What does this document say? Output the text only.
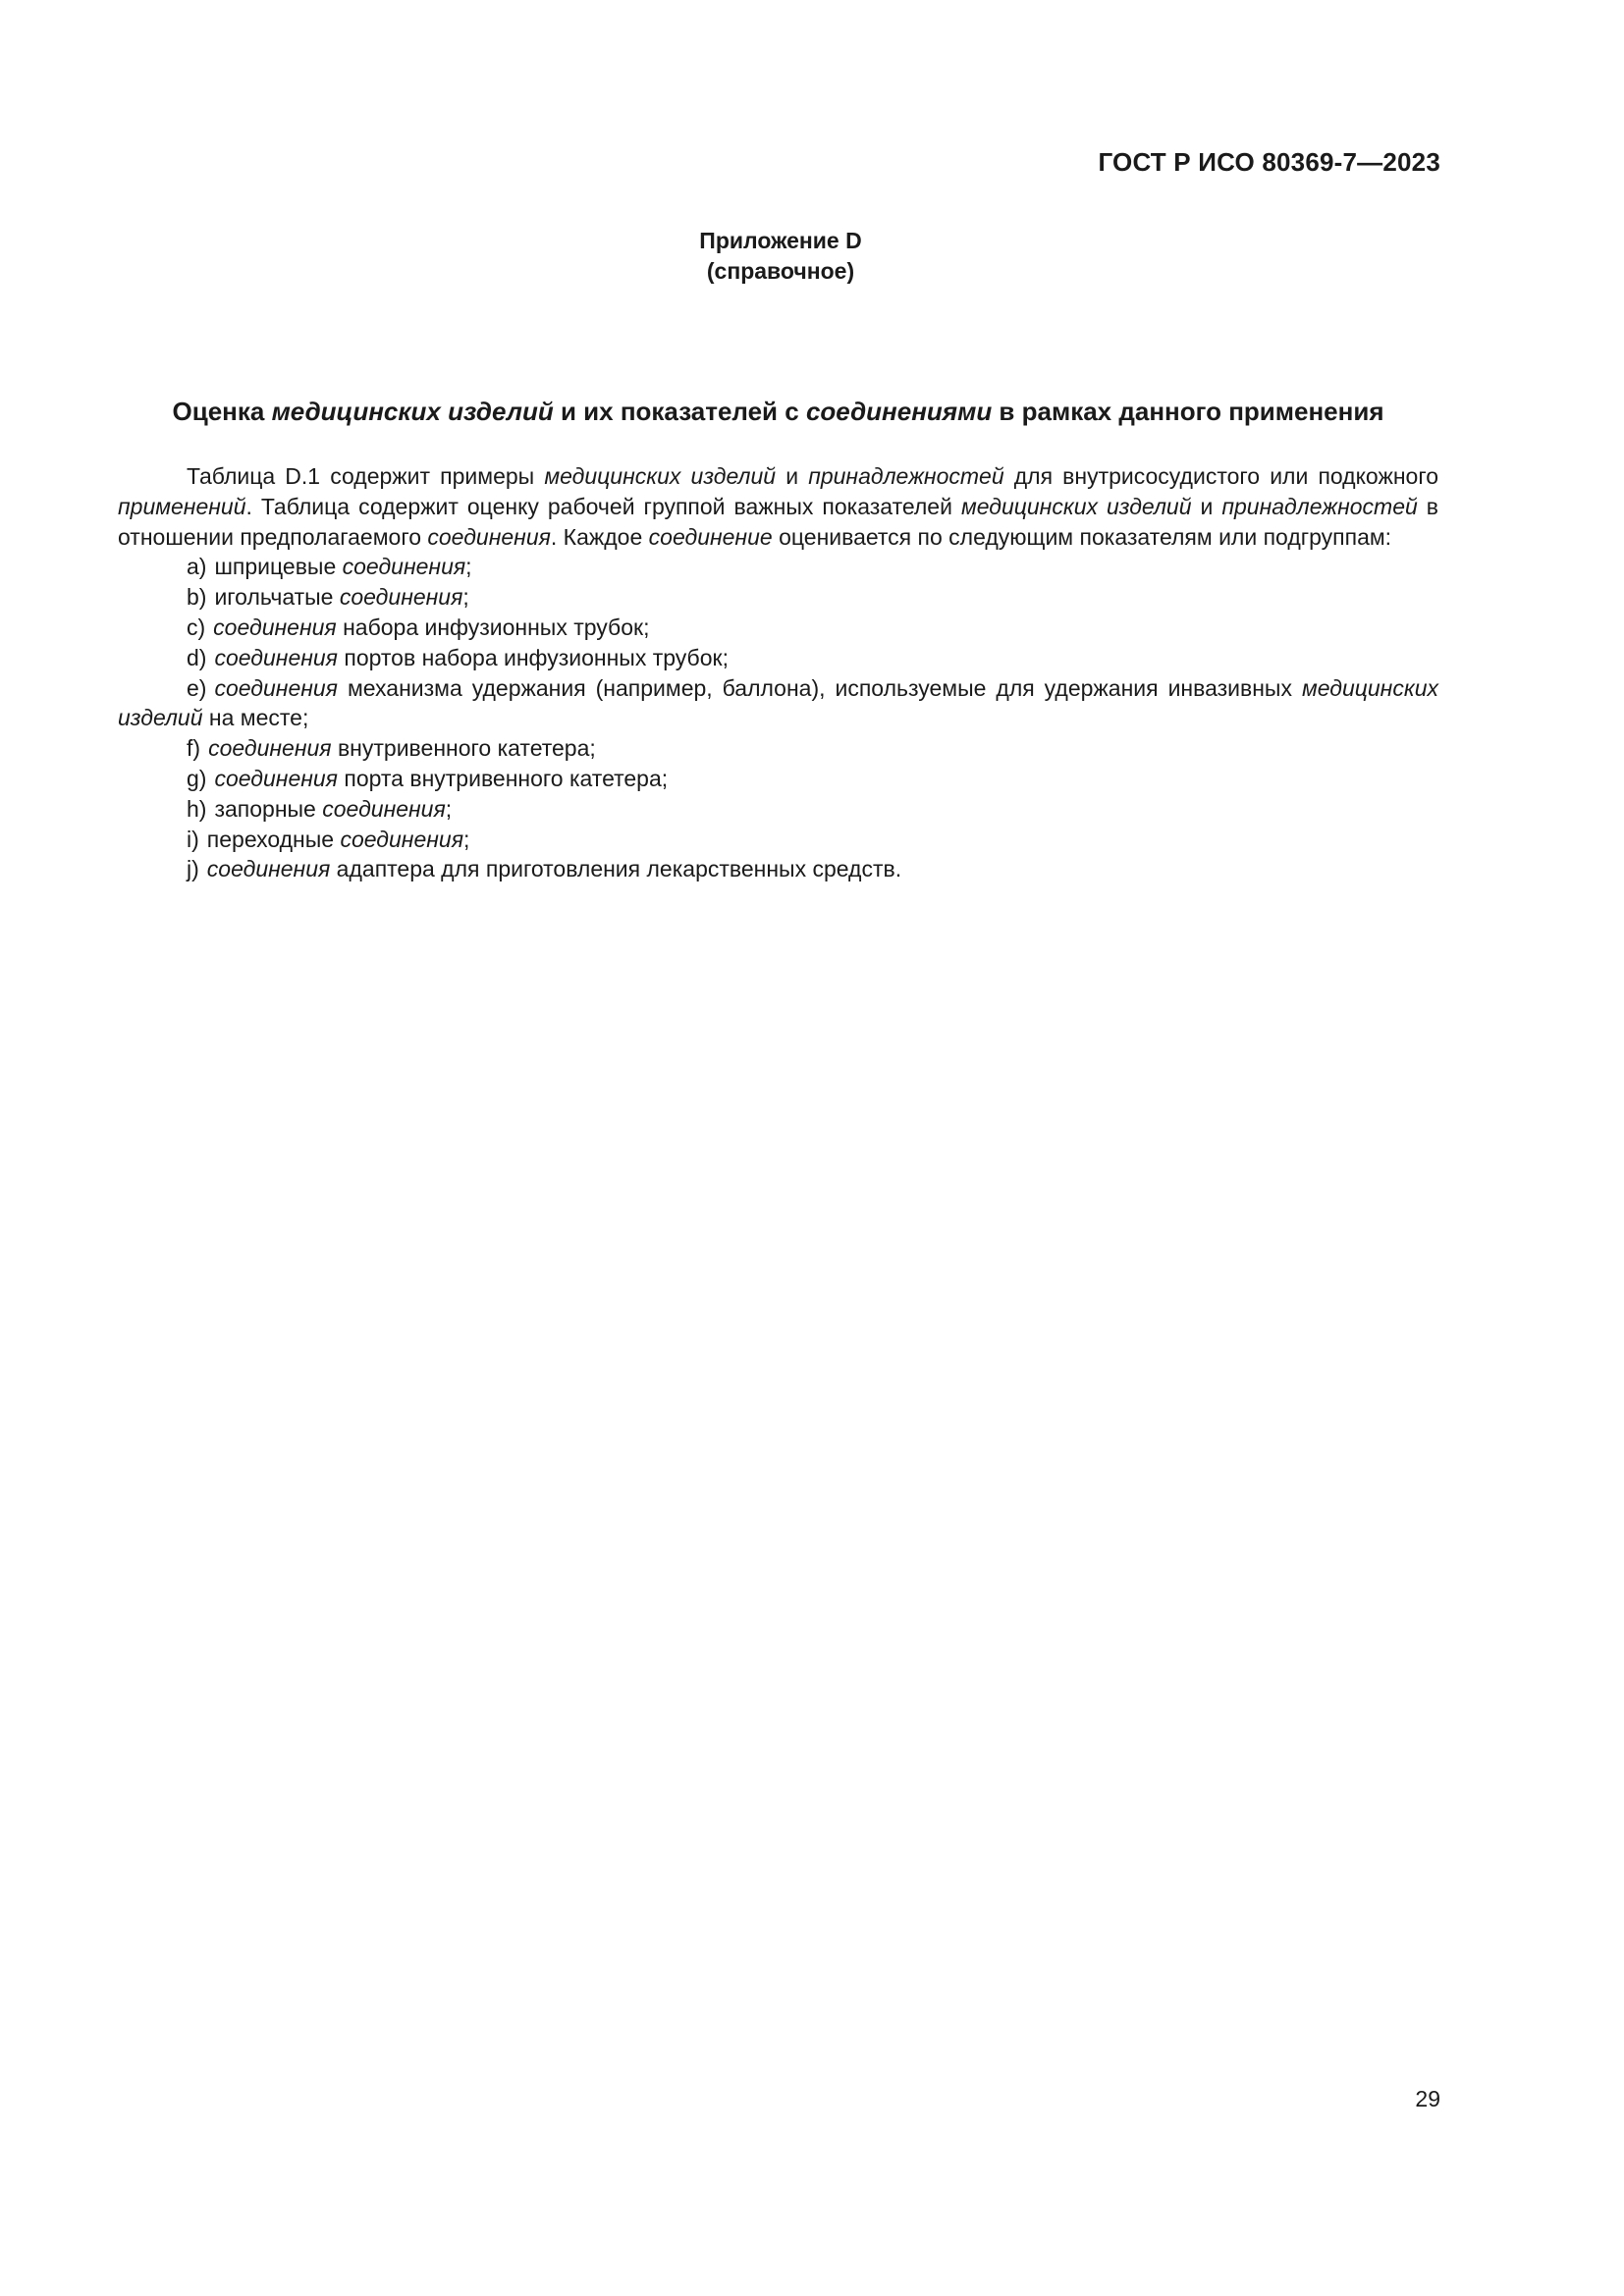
ГОСТ Р ИСО 80369-7—2023
Приложение D
(справочное)
Оценка медицинских изделий и их показателей с соединениями в рамках данного применения

Таблица D.1 содержит примеры медицинских изделий и принадлежностей для внутрисосудистого или подкожного применений. Таблица содержит оценку рабочей группой важных показателей медицинских изделий и принадлежностей в отношении предполагаемого соединения. Каждое соединение оценивается по следующим показателям или подгруппам:

a) шприцевые соединения;
b) игольчатые соединения;
c) соединения набора инфузионных трубок;
d) соединения портов набора инфузионных трубок;
e) соединения механизма удержания (например, баллона), используемые для удержания инвазивных медицинских изделий на месте;
f) соединения внутривенного катетера;
g) соединения порта внутривенного катетера;
h) запорные соединения;
i) переходные соединения;
j) соединения адаптера для приготовления лекарственных средств.
29
